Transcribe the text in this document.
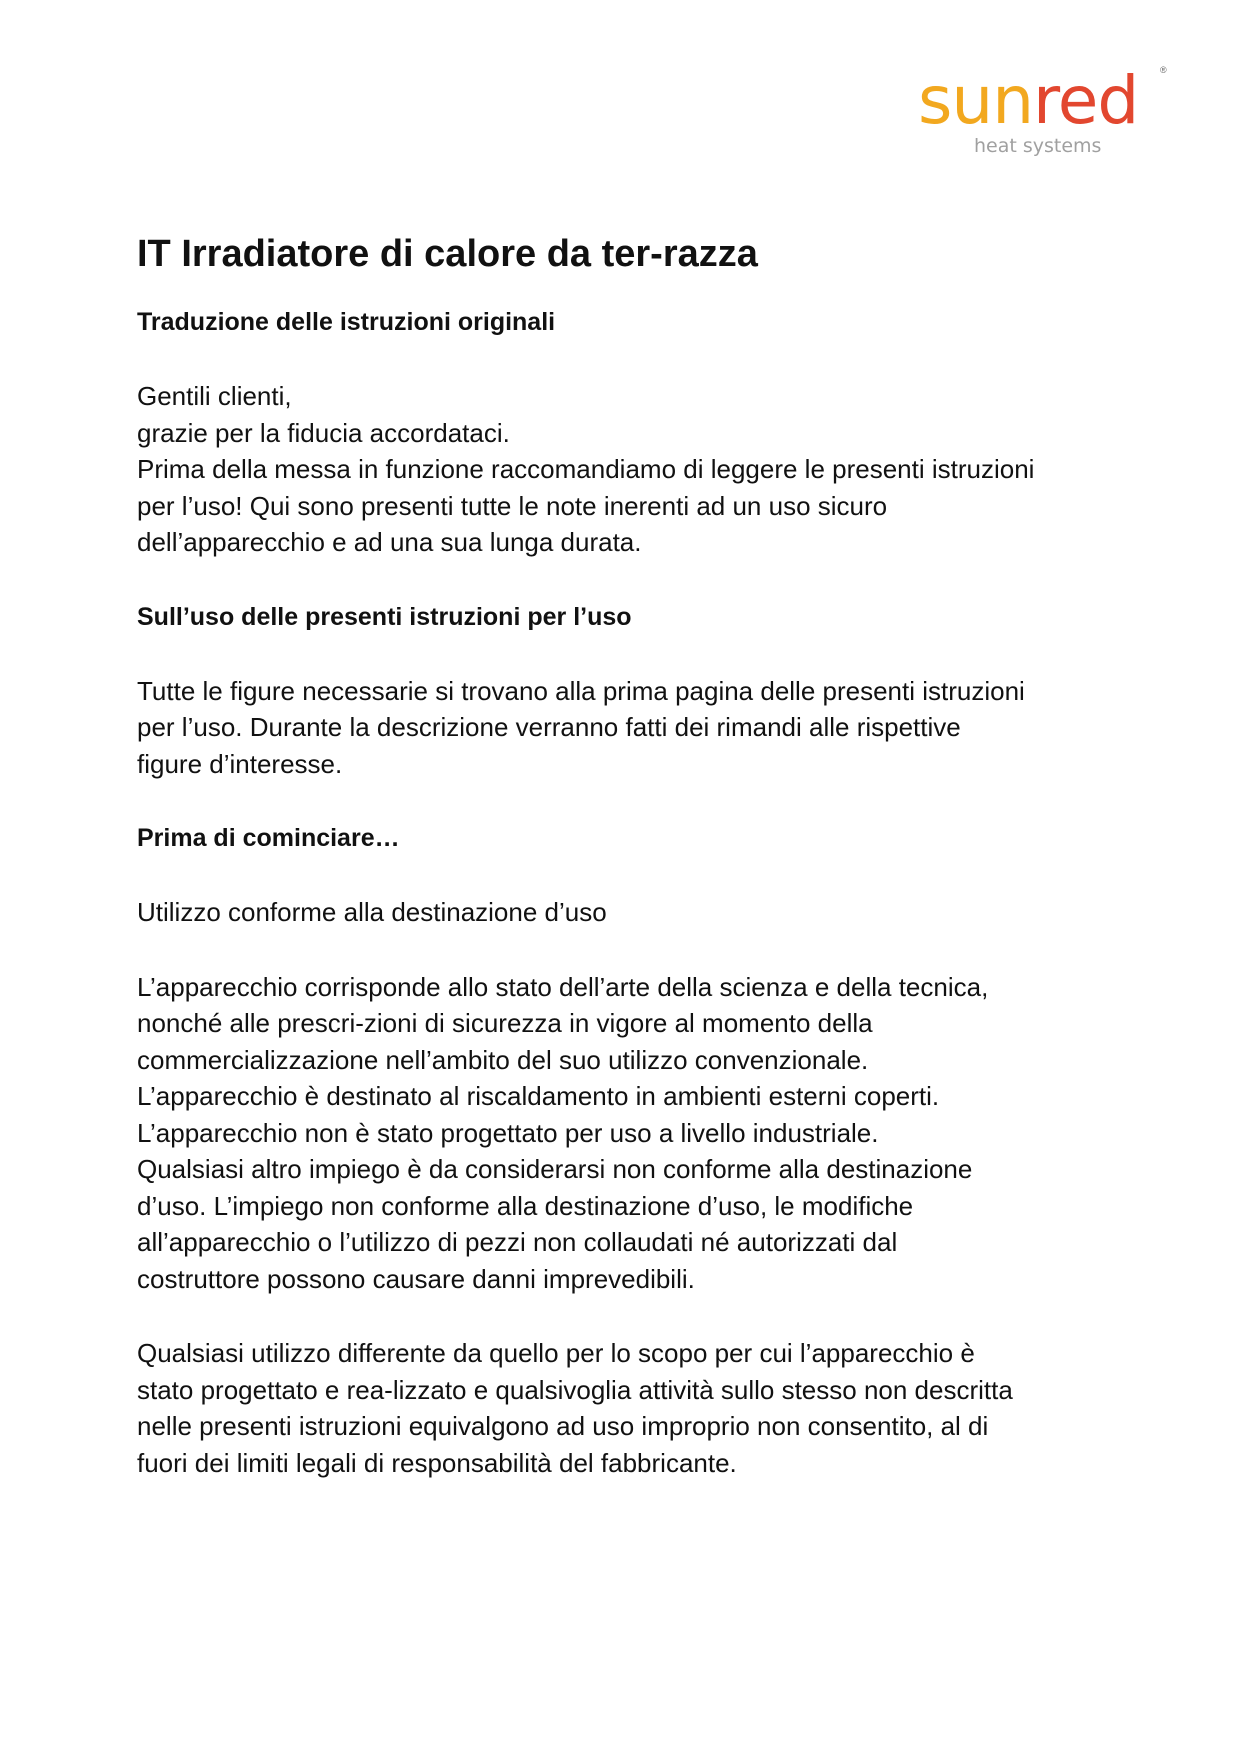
sunred ®
heat systems
IT Irradiatore di calore da ter-razza

Traduzione delle istruzioni originali

Gentili clienti,
grazie per la fiducia accordataci.
Prima della messa in funzione raccomandiamo di leggere le presenti istruzioni
per l’uso! Qui sono presenti tutte le note inerenti ad un uso sicuro
dell’apparecchio e ad una sua lunga durata.

Sull’uso delle presenti istruzioni per l’uso

Tutte le figure necessarie si trovano alla prima pagina delle presenti istruzioni
per l’uso. Durante la descrizione verranno fatti dei rimandi alle rispettive
figure d’interesse.

Prima di cominciare…

Utilizzo conforme alla destinazione d’uso

L’apparecchio corrisponde allo stato dell’arte della scienza e della tecnica,
nonché alle prescri-zioni di sicurezza in vigore al momento della
commercializzazione nell’ambito del suo utilizzo convenzionale.
L’apparecchio è destinato al riscaldamento in ambienti esterni coperti.
L’apparecchio non è stato progettato per uso a livello industriale.
Qualsiasi altro impiego è da considerarsi non conforme alla destinazione
d’uso. L’impiego non conforme alla destinazione d’uso, le modifiche
all’apparecchio o l’utilizzo di pezzi non collaudati né autorizzati dal
costruttore possono causare danni imprevedibili.

Qualsiasi utilizzo differente da quello per lo scopo per cui l’apparecchio è
stato progettato e rea-lizzato e qualsivoglia attività sullo stesso non descritta
nelle presenti istruzioni equivalgono ad uso improprio non consentito, al di
fuori dei limiti legali di responsabilità del fabbricante.
